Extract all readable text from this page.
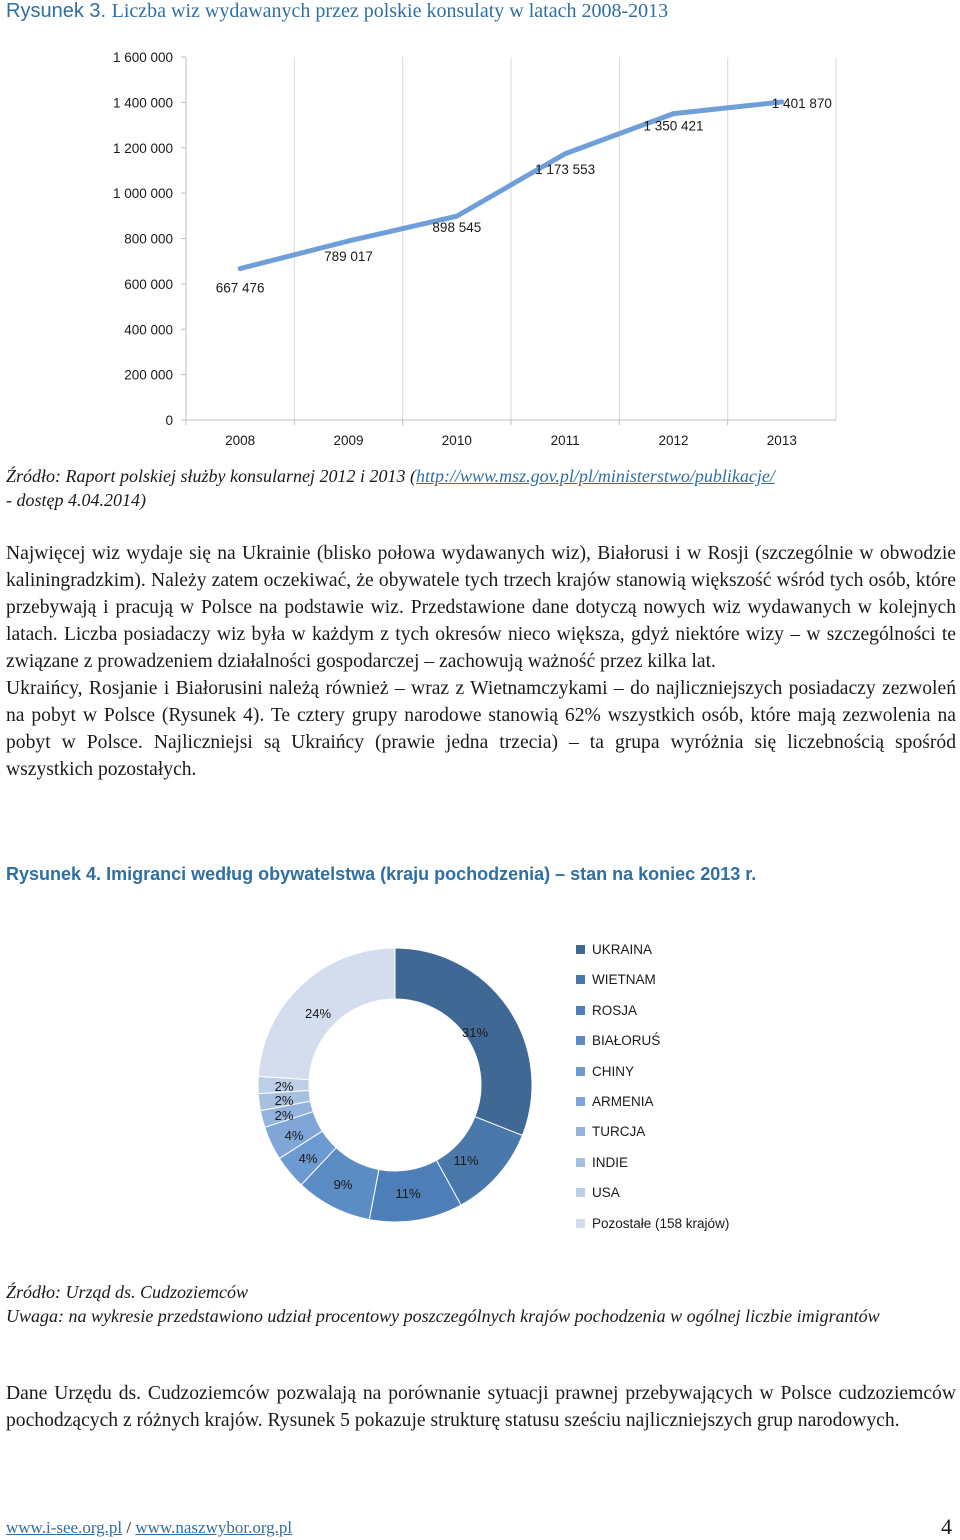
Rysunek 3. Liczba wiz wydawanych przez polskie konsulaty w latach 2008-2013
0
200 000
400 000
600 000
800 000
1 000 000
1 200 000
1 400 000
1 600 000
2008	2009	2010	2011	2012	2013
667 476
789 017
898 545
1 173 553
1 350 421
1 401 870
Źródło: Raport polskiej służby konsularnej 2012 i 2013 (http://www.msz.gov.pl/pl/ministerstwo/publikacje/
- dostęp 4.04.2014)

Najwięcej wiz wydaje się na Ukrainie (blisko połowa wydawanych wiz), Białorusi i w Rosji (szczególnie w obwodzie kaliningradzkim). Należy zatem oczekiwać, że obywatele tych trzech krajów stanowią większość wśród tych osób, które przebywają i pracują w Polsce na podstawie wiz. Przedstawione dane dotyczą nowych wiz wydawanych w kolejnych latach. Liczba posiadaczy wiz była w każdym z tych okresów nieco większa, gdyż niektóre wizy – w szczególności te związane z prowadzeniem działalności gospodarczej – zachowują ważność przez kilka lat.

Ukraińcy, Rosjanie i Białorusini należą również – wraz z Wietnamczykami – do najliczniejszych posiadaczy zezwoleń na pobyt w Polsce (Rysunek 4). Te cztery grupy narodowe stanowią 62% wszystkich osób, które mają zezwolenia na pobyt w Polsce. Najliczniejsi są Ukraińcy (prawie jedna trzecia) – ta grupa wyróżnia się liczebnością spośród wszystkich pozostałych.

Rysunek 4. Imigranci według obywatelstwa (kraju pochodzenia) – stan na koniec 2013 r.
31%
11%
11%
9%
4%
4%
2%
2%
2%
24%
UKRAINA
WIETNAM
ROSJA
BIAŁORUŚ
CHINY
ARMENIA
TURCJA
INDIE
USA
Pozostałe (158 krajów)
Źródło: Urząd ds. Cudzoziemców
Uwaga: na wykresie przedstawiono udział procentowy poszczególnych krajów pochodzenia w ogólnej liczbie imigrantów

Dane Urzędu ds. Cudzoziemców pozwalają na porównanie sytuacji prawnej przebywających w Polsce cudzoziemców pochodzących z różnych krajów. Rysunek 5 pokazuje strukturę statusu sześciu najliczniejszych grup narodowych.

www.i-see.org.pl / www.naszwybor.org.pl	4
